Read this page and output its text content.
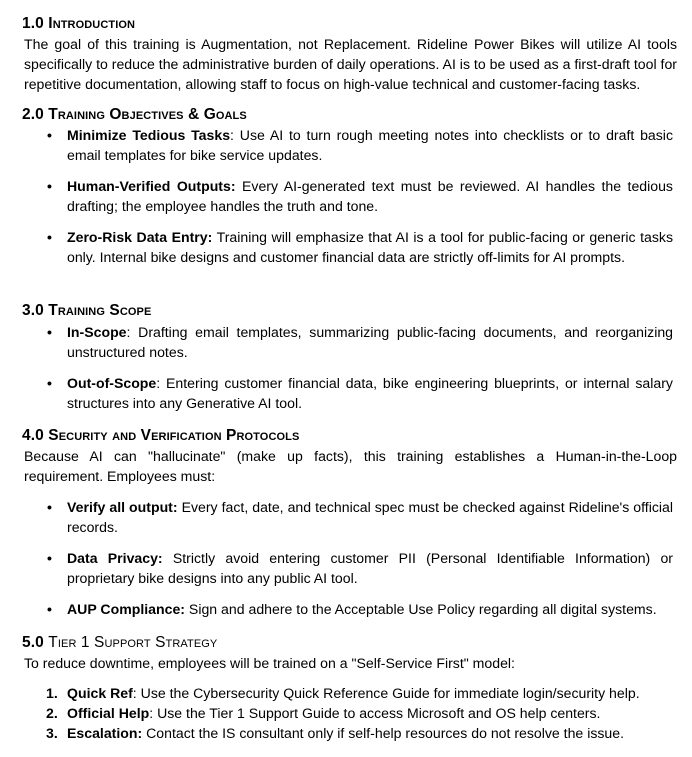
1.0 Introduction

The goal of this training is Augmentation, not Replacement. Rideline Power Bikes will utilize AI tools specifically to reduce the administrative burden of daily operations. AI is to be used as a first-draft tool for repetitive documentation, allowing staff to focus on high-value technical and customer-facing tasks.

2.0 Training Objectives & Goals
• Minimize Tedious Tasks: Use AI to turn rough meeting notes into checklists or to draft basic email templates for bike service updates.
• Human-Verified Outputs: Every AI-generated text must be reviewed. AI handles the tedious drafting; the employee handles the truth and tone.
• Zero-Risk Data Entry: Training will emphasize that AI is a tool for public-facing or generic tasks only. Internal bike designs and customer financial data are strictly off-limits for AI prompts.
3.0 Training Scope
• In-Scope: Drafting email templates, summarizing public-facing documents, and reorganizing unstructured notes.
• Out-of-Scope: Entering customer financial data, bike engineering blueprints, or internal salary structures into any Generative AI tool.
4.0 Security and Verification Protocols

Because AI can "hallucinate" (make up facts), this training establishes a Human-in-the-Loop requirement. Employees must:

• Verify all output: Every fact, date, and technical spec must be checked against Rideline's official records.
• Data Privacy: Strictly avoid entering customer PII (Personal Identifiable Information) or proprietary bike designs into any public AI tool.
• AUP Compliance: Sign and adhere to the Acceptable Use Policy regarding all digital systems.
5.0 Tier 1 Support Strategy

To reduce downtime, employees will be trained on a "Self-Service First" model:

1. Quick Ref: Use the Cybersecurity Quick Reference Guide for immediate login/security help.
2. Official Help: Use the Tier 1 Support Guide to access Microsoft and OS help centers.
3. Escalation: Contact the IS consultant only if self-help resources do not resolve the issue.
